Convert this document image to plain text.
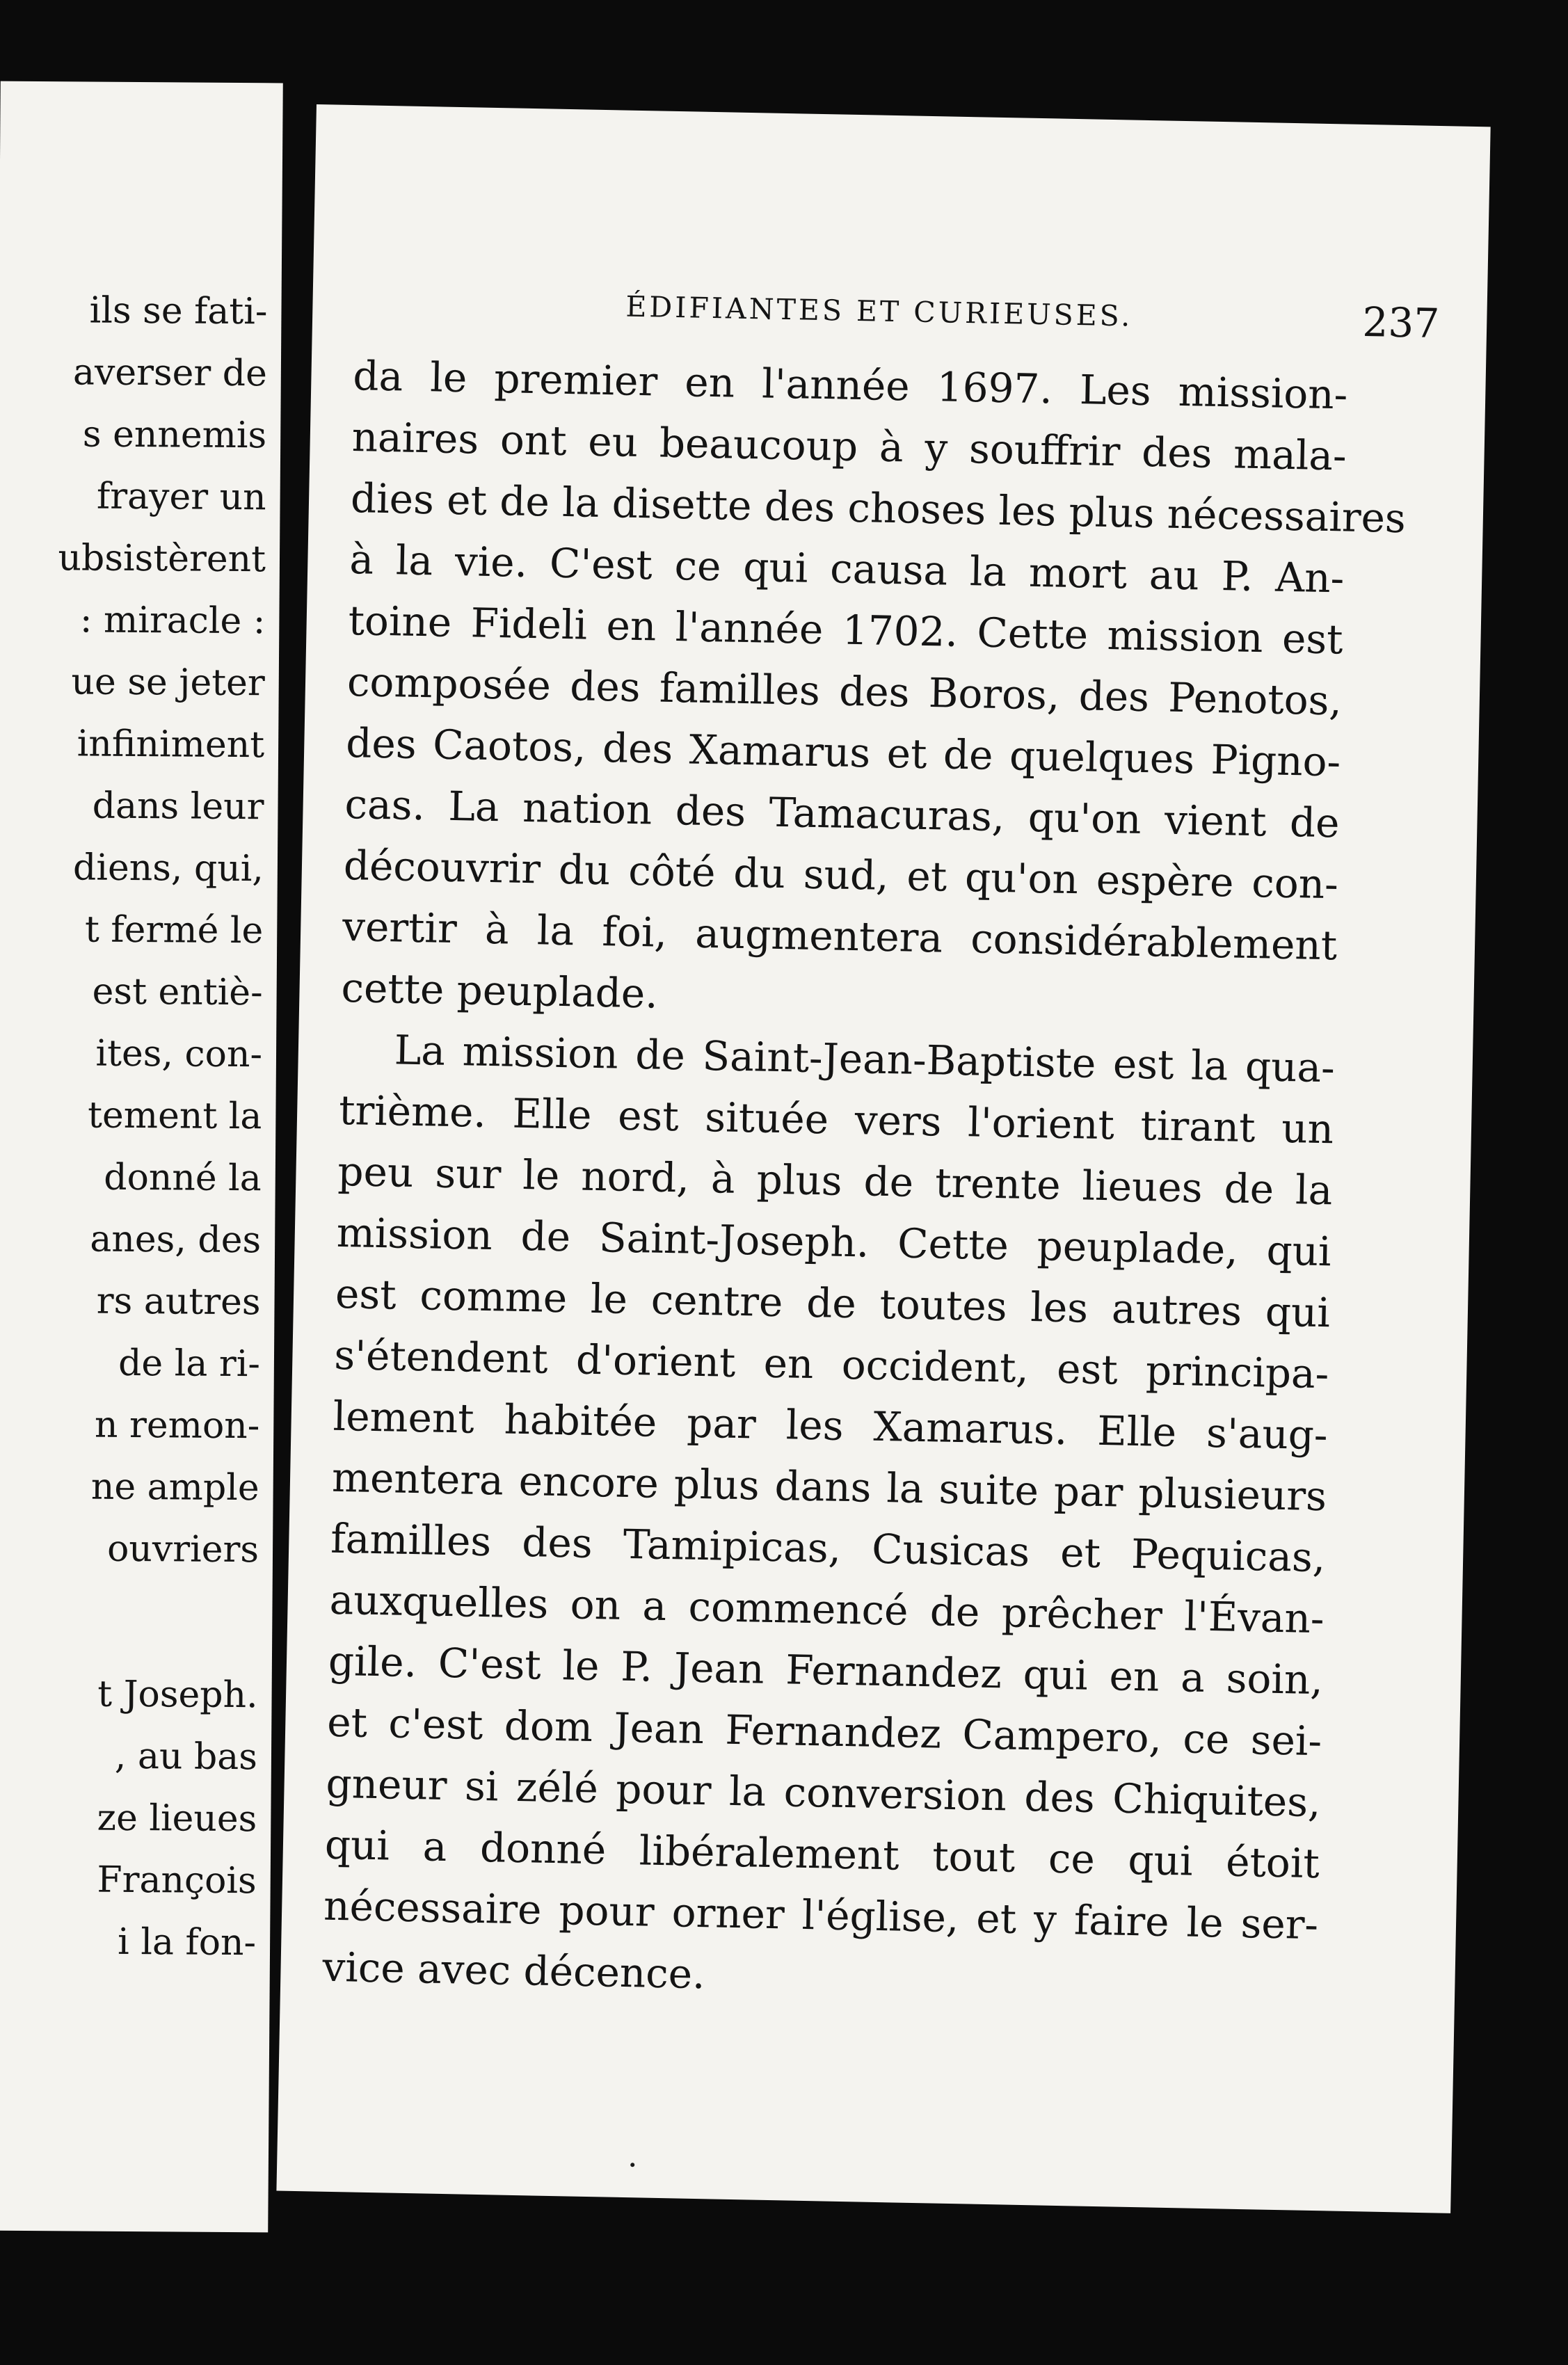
ils se fati-
averser de
s ennemis
frayer un
ubsistèrent
: miracle :
ue se jeter
infiniment
dans leur
diens, qui,
t fermé le
est entiè-
ites, con-
tement la
donné la
anes, des
rs autres
de la ri-
n remon-
ne ample
ouvriers
t Joseph.
, au bas
ze lieues
François
i la fon-
ÉDIFIANTES ET CURIEUSES.	237
da le premier en l'année 1697. Les mission-
naires ont eu beaucoup à y souffrir des mala-
dies et de la disette des choses les plus nécessaires
à la vie. C'est ce qui causa la mort au P. An-
toine Fideli en l'année 1702. Cette mission est
composée des familles des Boros, des Penotos,
des Caotos, des Xamarus et de quelques Pigno-
cas. La nation des Tamacuras, qu'on vient de
découvrir du côté du sud, et qu'on espère con-
vertir à la foi, augmentera considérablement
cette peuplade.
La mission de Saint-Jean-Baptiste est la qua-
trième. Elle est située vers l'orient tirant un
peu sur le nord, à plus de trente lieues de la
mission de Saint-Joseph. Cette peuplade, qui
est comme le centre de toutes les autres qui
s'étendent d'orient en occident, est principa-
lement habitée par les Xamarus. Elle s'aug-
mentera encore plus dans la suite par plusieurs
familles des Tamipicas, Cusicas et Pequicas,
auxquelles on a commencé de prêcher l'Évan-
gile. C'est le P. Jean Fernandez qui en a soin,
et c'est dom Jean Fernandez Campero, ce sei-
gneur si zélé pour la conversion des Chiquites,
qui a donné libéralement tout ce qui étoit
nécessaire pour orner l'église, et y faire le ser-
vice avec décence.
